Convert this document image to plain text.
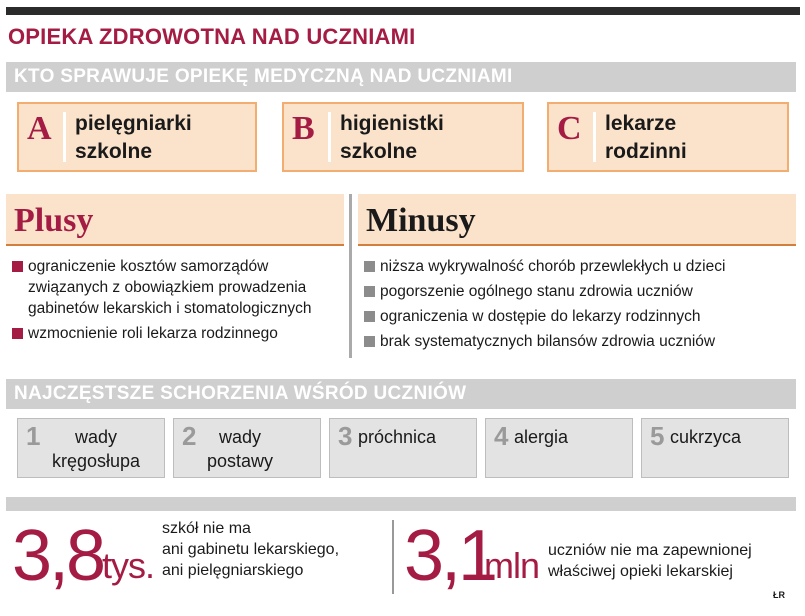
OPIEKA ZDROWOTNA NAD UCZNIAMI
KTO SPRAWUJE OPIEKĘ MEDYCZNĄ NAD UCZNIAMI
A pielęgniarki
szkolne
B higienistki
szkolne
C lekarze
rodzinni
Plusy
ograniczenie kosztów samorządów związanych z obowiązkiem prowadzenia gabinetów lekarskich i stomatologicznych
wzmocnienie roli lekarza rodzinnego
Minusy
niższa wykrywalność chorób przewlekłych u dzieci
pogorszenie ogólnego stanu zdrowia uczniów
ograniczenia w dostępie do lekarzy rodzinnych
brak systematycznych bilansów zdrowia uczniów
NAJCZĘSTSZE SCHORZENIA WŚRÓD UCZNIÓW
1	wady
kręgosłupa
2	wady
postawy
3 próchnica 4 alergia	5 cukrzyca
3,8
tys.
szkół nie ma
ani gabinetu lekarskiego,
ani pielęgniarskiego	3,1
mln uczniów nie ma zapewnionej
właściwej opieki lekarskiej
ŁR
